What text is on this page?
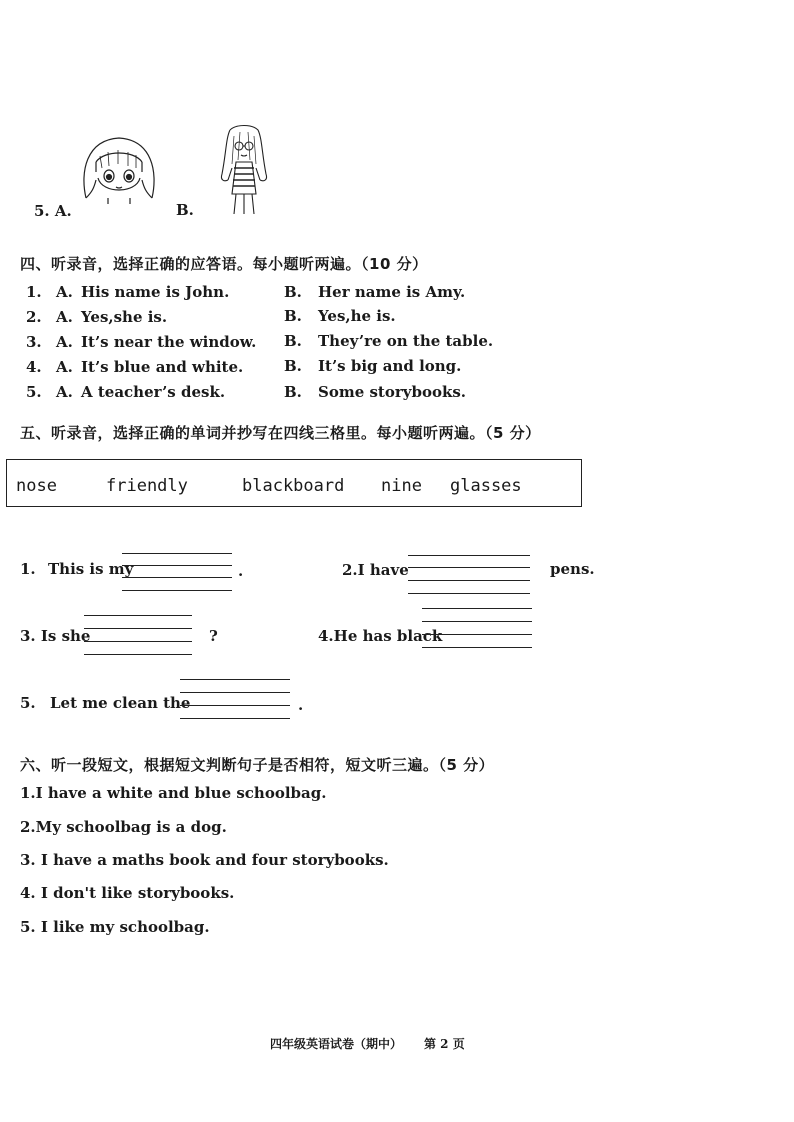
5. A.	B.
四、听录音，选择正确的应答语。每小题听两遍。（10 分）
1. A. His name is John.	B. Her name is Amy.
2. A. Yes,she is.	B. Yes,he is.
3. A. It’s near the window. B. They’re on the table.
4. A. It’s blue and white.	B. It’s big and long.
5. A. A teacher’s desk.	B. Some storybooks.
五、听录音，选择正确的单词并抄写在四线三格里。每小题听两遍。（5 分）
nose	friendly	blackboard nine glasses
1. This is my	.	2.I have	pens.
3. Is she	?	4.He has black
5. Let me clean the	.
六、听一段短文，根据短文判断句子是否相符，短文听三遍。（5 分）
1.I have a white and blue schoolbag.
2.My schoolbag is a dog.
3. I have a maths book and four storybooks.
4. I don't like storybooks.
5. I like my schoolbag.
四年级英语试卷（期中） 第 2 页
